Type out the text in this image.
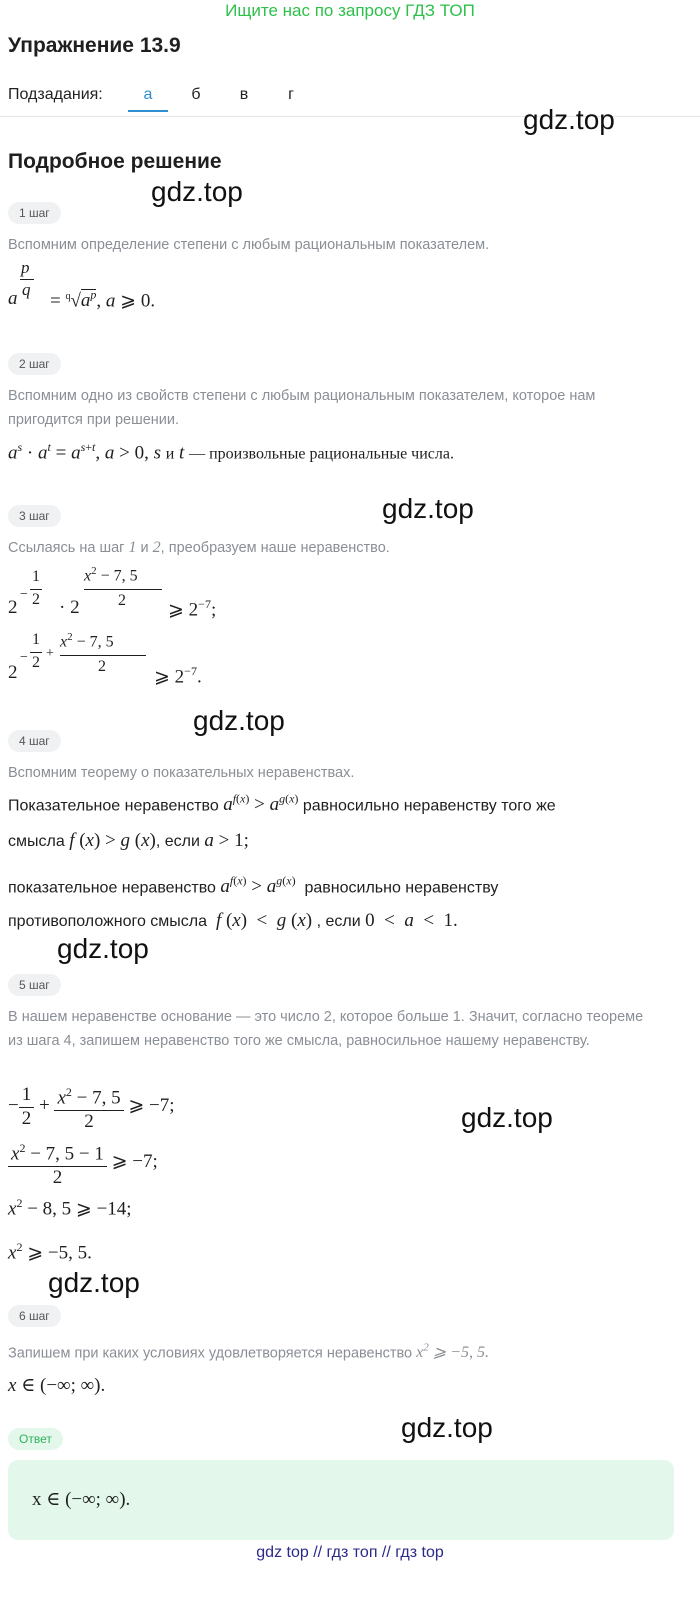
Ищите нас по запросу ГДЗ ТОП
Упражнение 13.9
Подзадания:	а	б	в	г
Подробное решение
gdz.top
gdz.top
gdz.top
gdz.top
gdz.top
gdz.top
gdz.top
gdz.top
1 шаг
Вспомним определение степени с любым рациональным показателем.
a
p
q
= $^q√a^p$, a ⩾ 0.
2 шаг
Вспомним одно из свойств степени с любым рациональным показателем, которое нам пригодится при решении.
$a^s \cdot a^t = a^{s+t}$, a > 0, s и t — произвольные рациональные числа.
3 шаг
Ссылаясь на шаг 1 и 2, преобразуем наше неравенство.
2
−
1
2 · 2
$x^2 - 7$, 5
2 ⩾ $2^{-7}$;
2
−
1
2
+
$x^2 - 7$, 5
2	⩾ $2^{-7}$.
4 шаг
Вспомним теорему о показательных неравенствах.
Показательное неравенство $a^{f(x)} > a^{g(x)}$ равносильно неравенству того же
смысла f (x) > g (x), если a > 1;
показательное неравенство $a^{f(x)} > a^{g(x)}$ равносильно неравенству
противоположного смысла f (x)  <  g (x) , если 0  <  a  <  1.
5 шаг
В нашем неравенстве основание — это число 2, которое больше 1. Значит, согласно теореме из шага 4, запишем неравенство того же смысла, равносильное нашему неравенству.
− $\frac{1}{2} + \frac{x^2 - 7, 5}{2}$ ⩾ −7;
$\frac{x^2 - 7, 5 - 1}{2}$ ⩾ −7;
$x^2 - 8$, 5 ⩾ −14;
$x^2$ ⩾ −5, 5.
6 шаг
Запишем при каких условиях удовлетворяется неравенство $x^2$ ⩾ −5, 5.
x ∈ (−∞; ∞).
Ответ
x ∈ (−∞; ∞).
gdz top // гдз топ // гдз top
